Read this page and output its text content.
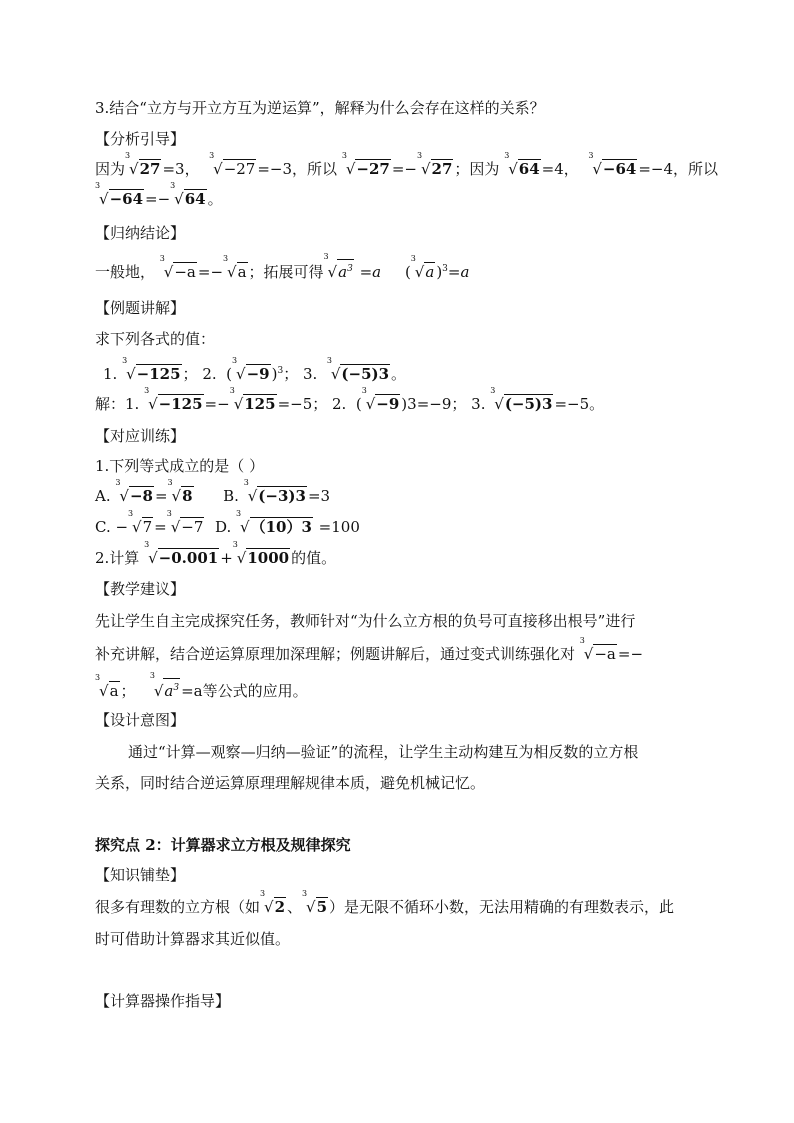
3.结合“立方与开立方互为逆运算”，解释为什么会存在这样的关系？
【分析引导】
因为
3
√27 =3，
3
√−27 =−3，所以
3
√−27 =−
3
√27 ；因为
3
√64 =4，
3
√−64 =−4，所以
3
√−64 =−
3
√64 。
【归纳结论】
一般地，
3
√−a =−
3
√a ；拓展可得
3
$√a^3 =a$ (
3
√a )$^3$=a
【例题讲解】
求下列各式的值：
1.
3
√−125 ； 2.  (
3
√−9 )$^3$； 3.
3
√(−5)3 。
解：1.
3
√−125 =−
3
√125 =−5； 2.  (
3
√−9 )3=−9； 3.
3
√(−5)3 =−5。
【对应训练】
1.下列等式成立的是（ ）
A.
3
√−8 =
3
√8 B.
3
√(−3)3 =3
C. −
3
√7 =
3
√−7 D.
3
√（10）3 =100
2.计算
3
√−0.001 +
3
√1000 的值。
【教学建议】
先让学生自主完成探究任务，教师针对“为什么立方根的负号可直接移出根号”进行
补充讲解，结合逆运算原理加深理解；例题讲解后，通过变式训练强化对
3
√−a =−
3
√a ；
3
$√a^3 =a$等公式的应用。
【设计意图】
通过“计算—观察—归纳—验证”的流程，让学生主动构建互为相反数的立方根
关系，同时结合逆运算原理理解规律本质，避免机械记忆。
探究点 2：计算器求立方根及规律探究
【知识铺垫】
很多有理数的立方根（如
3
√2 、
3
√5 ）是无限不循环小数，无法用精确的有理数表示，此
时可借助计算器求其近似值。
【计算器操作指导】
